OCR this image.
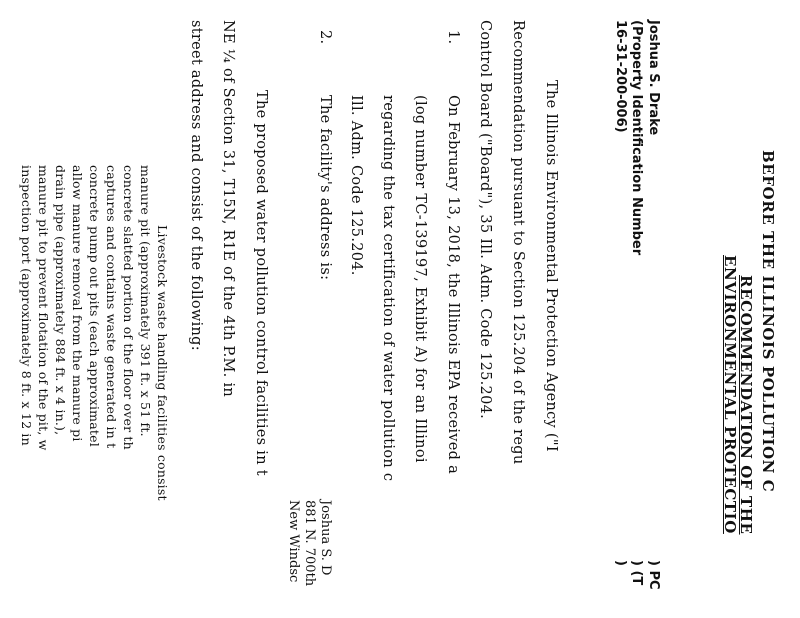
BEFORE THE ILLINOIS POLLUTION C
RECOMMENDATION OF THE
ENVIRONMENTAL PROTECTIO
Joshua S. Drake
(Property Identification Number
16-31-200-006)
) PC
) (T
)
The Illinois Environmental Protection Agency ("I
Recommendation pursuant to Section 125.204 of the regu
Control Board ("Board"), 35 Ill. Adm. Code 125.204.
1.
On February 13, 2018, the Illinois EPA received a
(log number TC-139197, Exhibit A) for an Illinoi
regarding the tax certification of water pollution c
Ill. Adm. Code 125.204.
2.
The facility's address is:
Joshua S. D
881 N. 700th
New Windsc
The proposed water pollution control facilities in t
NE ¼ of Section 31, T15N, R1E of the 4th P.M. in
street address and consist of the following:
Livestock waste handling facilities consist
manure pit (approximately 391 ft. x 51 ft.
concrete slatted portion of the floor over th
captures and contains waste generated in t
concrete pump out pits (each approximatel
allow manure removal from the manure pi
drain pipe (approximately 884 ft. x 4 in.),
manure pit to prevent flotation of the pit, w
inspection port (approximately 8 ft. x 12 in
